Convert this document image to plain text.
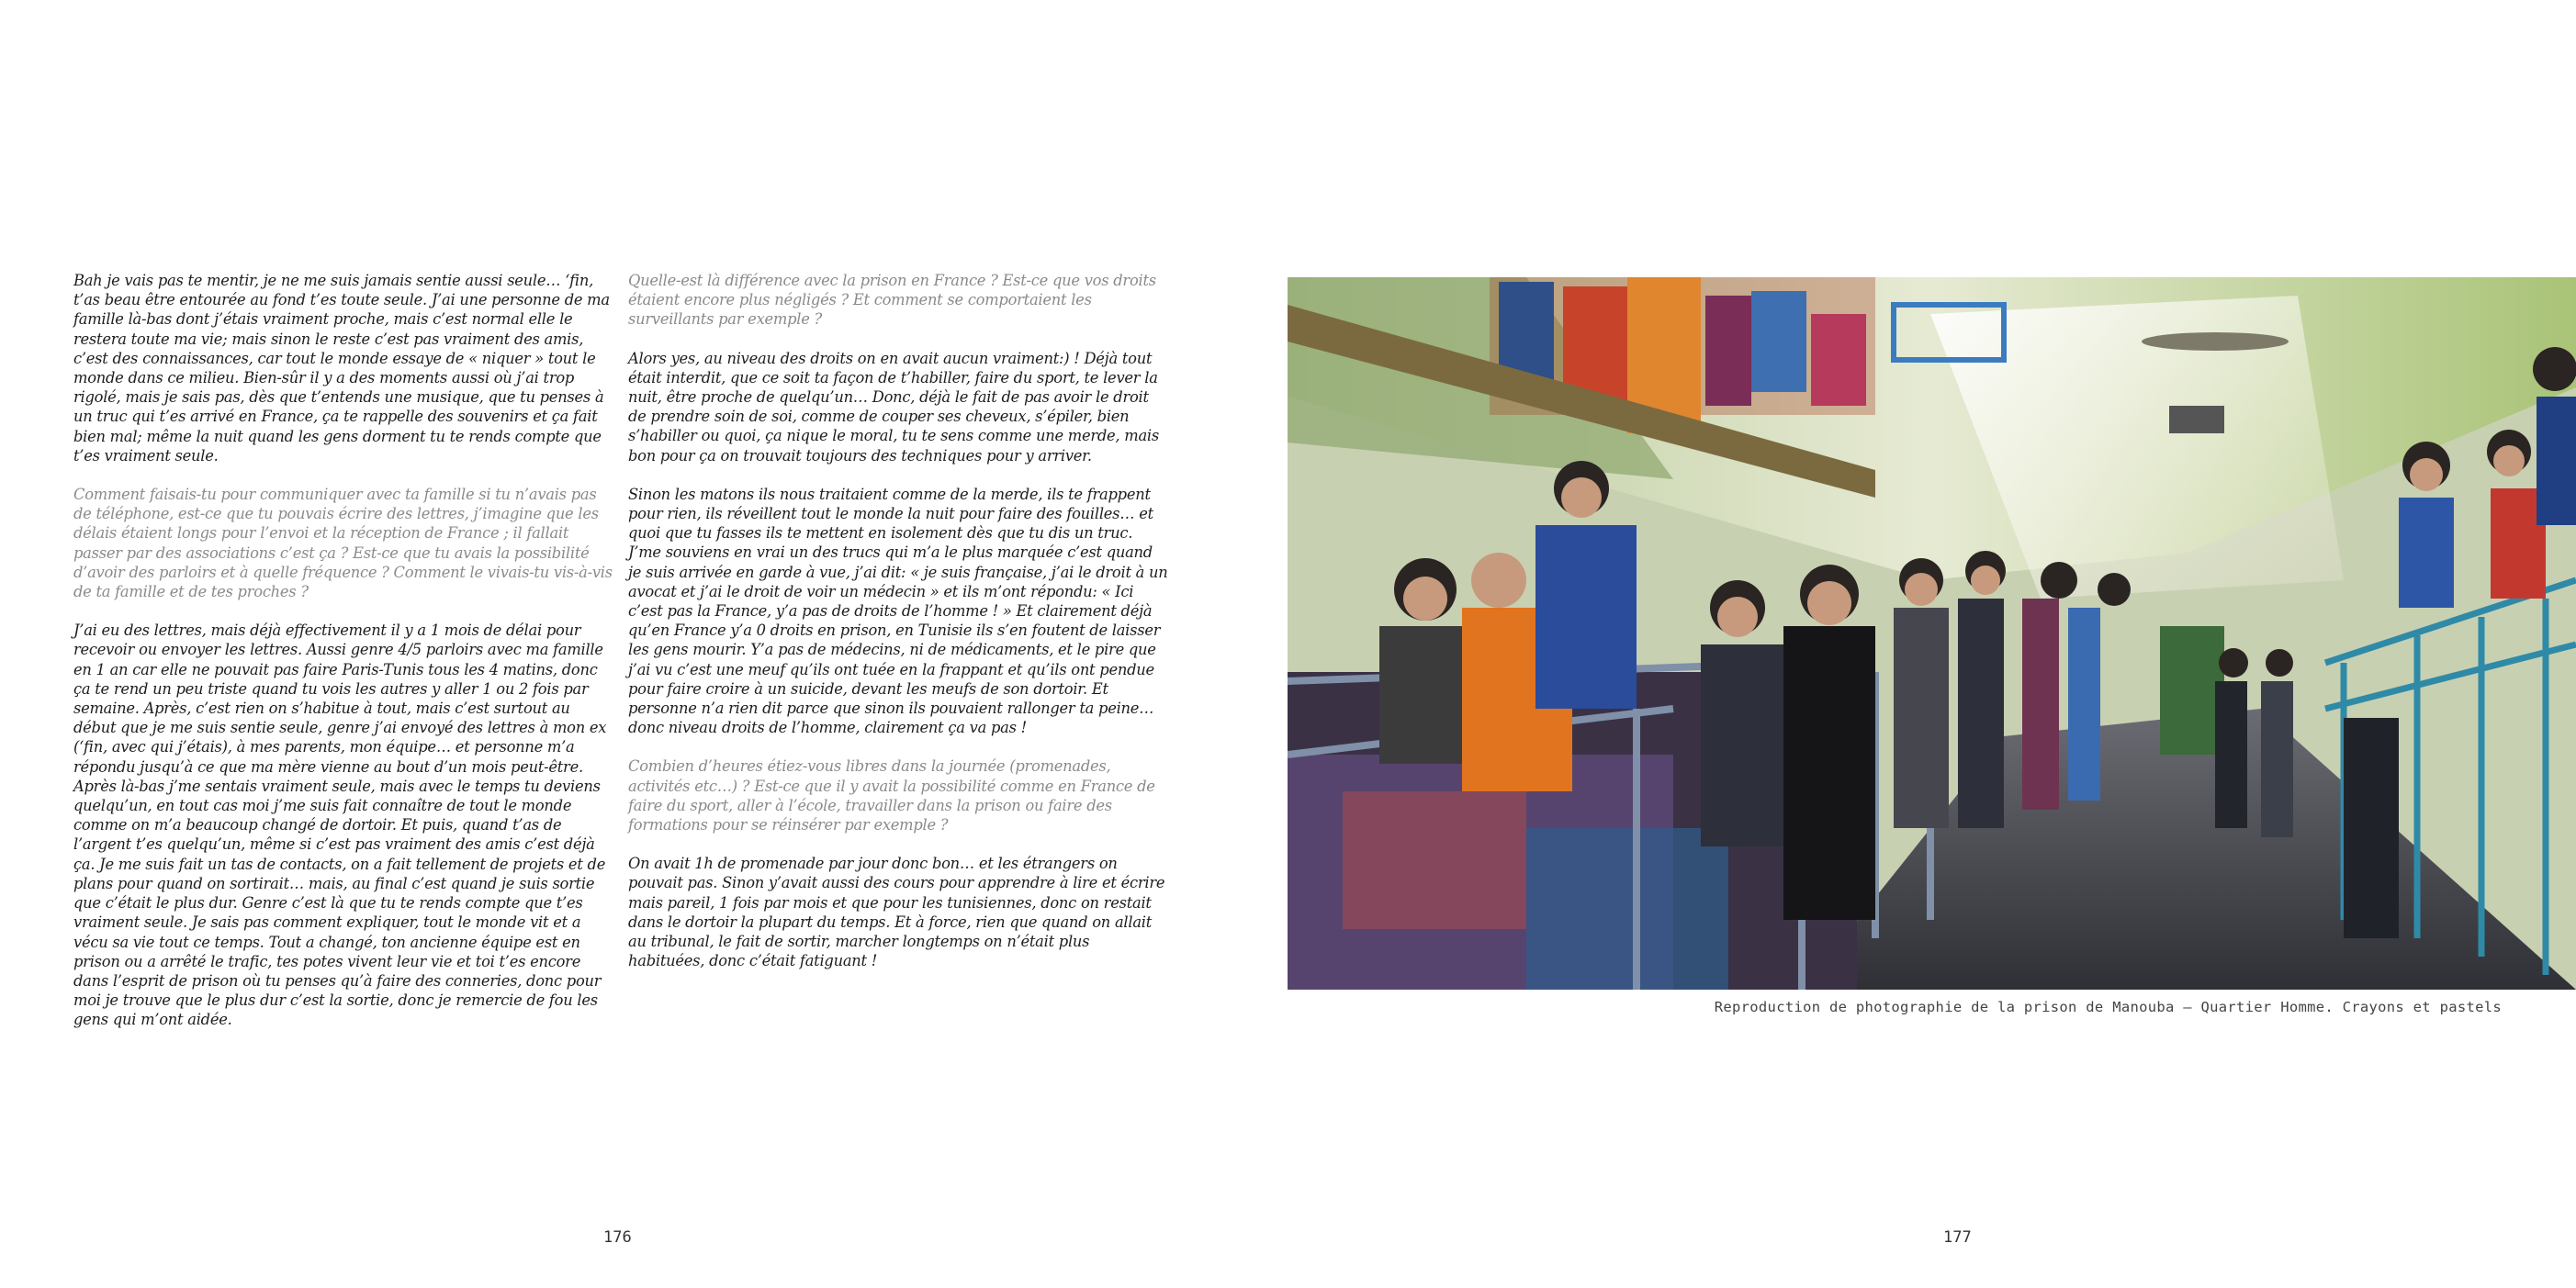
Bah je vais pas te mentir, je ne me suis jamais sentie aussi seule… ‘fin, t’as beau être entourée au fond t’es toute seule. J’ai une personne de ma famille là-bas dont j’étais vraiment proche, mais c’est normal elle le restera toute ma vie; mais sinon le reste c’est pas vraiment des amis, c’est des connaissances, car tout le monde essaye de « niquer » tout le monde dans ce milieu. Bien-sûr il y a des moments aussi où j’ai trop rigolé, mais je sais pas, dès que t’entends une musique, que tu penses à un truc qui t’es arrivé en France, ça te rappelle des souvenirs et ça fait bien mal; même la nuit quand les gens dorment tu te rends compte que t’es vraiment seule.

Comment faisais-tu pour communiquer avec ta famille si tu n’avais pas de téléphone, est-ce que tu pouvais écrire des lettres, j’imagine que les délais étaient longs pour l’envoi et la réception de France ; il fallait passer par des associations c’est ça ? Est-ce que tu avais la possibilité d’avoir des parloirs et à quelle fréquence ? Comment le vivais-tu vis-à-vis de ta famille et de tes proches ?

J’ai eu des lettres, mais déjà effectivement il y a 1 mois de délai pour recevoir ou envoyer les lettres. Aussi genre 4/5 parloirs avec ma famille en 1 an car elle ne pouvait pas faire Paris-Tunis tous les 4 matins, donc ça te rend un peu triste quand tu vois les autres y aller 1 ou 2 fois par semaine. Après, c’est rien on s’habitue à tout, mais c’est surtout au début que je me suis sentie seule, genre j’ai envoyé des lettres à mon ex (‘fin, avec qui j’étais), à mes parents, mon équipe… et personne m’a répondu jusqu’à ce que ma mère vienne au bout d’un mois peut-être.

Après là-bas j’me sentais vraiment seule, mais avec le temps tu deviens quelqu’un, en tout cas moi j’me suis fait connaître de tout le monde comme on m’a beaucoup changé de dortoir. Et puis, quand t’as de l’argent t’es quelqu’un, même si c’est pas vraiment des amis c’est déjà ça. Je me suis fait un tas de contacts, on a fait tellement de projets et de plans pour quand on sortirait… mais, au final c’est quand je suis sortie que c’était le plus dur. Genre c’est là que tu te rends compte que t’es vraiment seule. Je sais pas comment expliquer, tout le monde vit et a vécu sa vie tout ce temps. Tout a changé, ton ancienne équipe est en prison ou a arrêté le trafic, tes potes vivent leur vie et toi t’es encore dans l’esprit de prison où tu penses qu’à faire des conneries, donc pour moi je trouve que le plus dur c’est la sortie, donc je remercie de fou les gens qui m’ont aidée.

Quelle-est là différence avec la prison en France ? Est-ce que vos droits étaient encore plus négligés ? Et comment se comportaient les surveillants par exemple ?

Alors yes, au niveau des droits on en avait aucun vraiment:) ! Déjà tout était interdit, que ce soit ta façon de t’habiller, faire du sport, te lever la nuit, être proche de quelqu’un… Donc, déjà le fait de pas avoir le droit de prendre soin de soi, comme de couper ses cheveux, s’épiler, bien s’habiller ou quoi, ça nique le moral, tu te sens comme une merde, mais bon pour ça on trouvait toujours des techniques pour y arriver.

Sinon les matons ils nous traitaient comme de la merde, ils te frappent pour rien, ils réveillent tout le monde la nuit pour faire des fouilles… et quoi que tu fasses ils te mettent en isolement dès que tu dis un truc. J’me souviens en vrai un des trucs qui m’a le plus marquée c’est quand je suis arrivée en garde à vue, j’ai dit: « je suis française, j’ai le droit à un avocat et j’ai le droit de voir un médecin » et ils m’ont répondu: « Ici c’est pas la France, y’a pas de droits de l’homme ! » Et clairement déjà qu’en France y’a 0 droits en prison, en Tunisie ils s’en foutent de laisser les gens mourir. Y’a pas de médecins, ni de médicaments, et le pire que j’ai vu c’est une meuf qu’ils ont tuée en la frappant et qu’ils ont pendue pour faire croire à un suicide, devant les meufs de son dortoir. Et personne n’a rien dit parce que sinon ils pouvaient rallonger ta peine… donc niveau droits de l’homme, clairement ça va pas !

Combien d’heures étiez-vous libres dans la journée (promenades, activités etc…) ? Est-ce que il y avait la possibilité comme en France de faire du sport, aller à l’école, travailler dans la prison ou faire des formations pour se réinsérer par exemple ?

On avait 1h de promenade par jour donc bon… et les étrangers on pouvait pas. Sinon y’avait aussi des cours pour apprendre à lire et écrire mais pareil, 1 fois par mois et que pour les tunisiennes, donc on restait dans le dortoir la plupart du temps. Et à force, rien que quand on allait au tribunal, le fait de sortir, marcher longtemps on n’était plus habituées, donc c’était fatiguant !

176
Reproduction de photographie de la prison de Manouba — Quartier Homme. Crayons et pastels
177
